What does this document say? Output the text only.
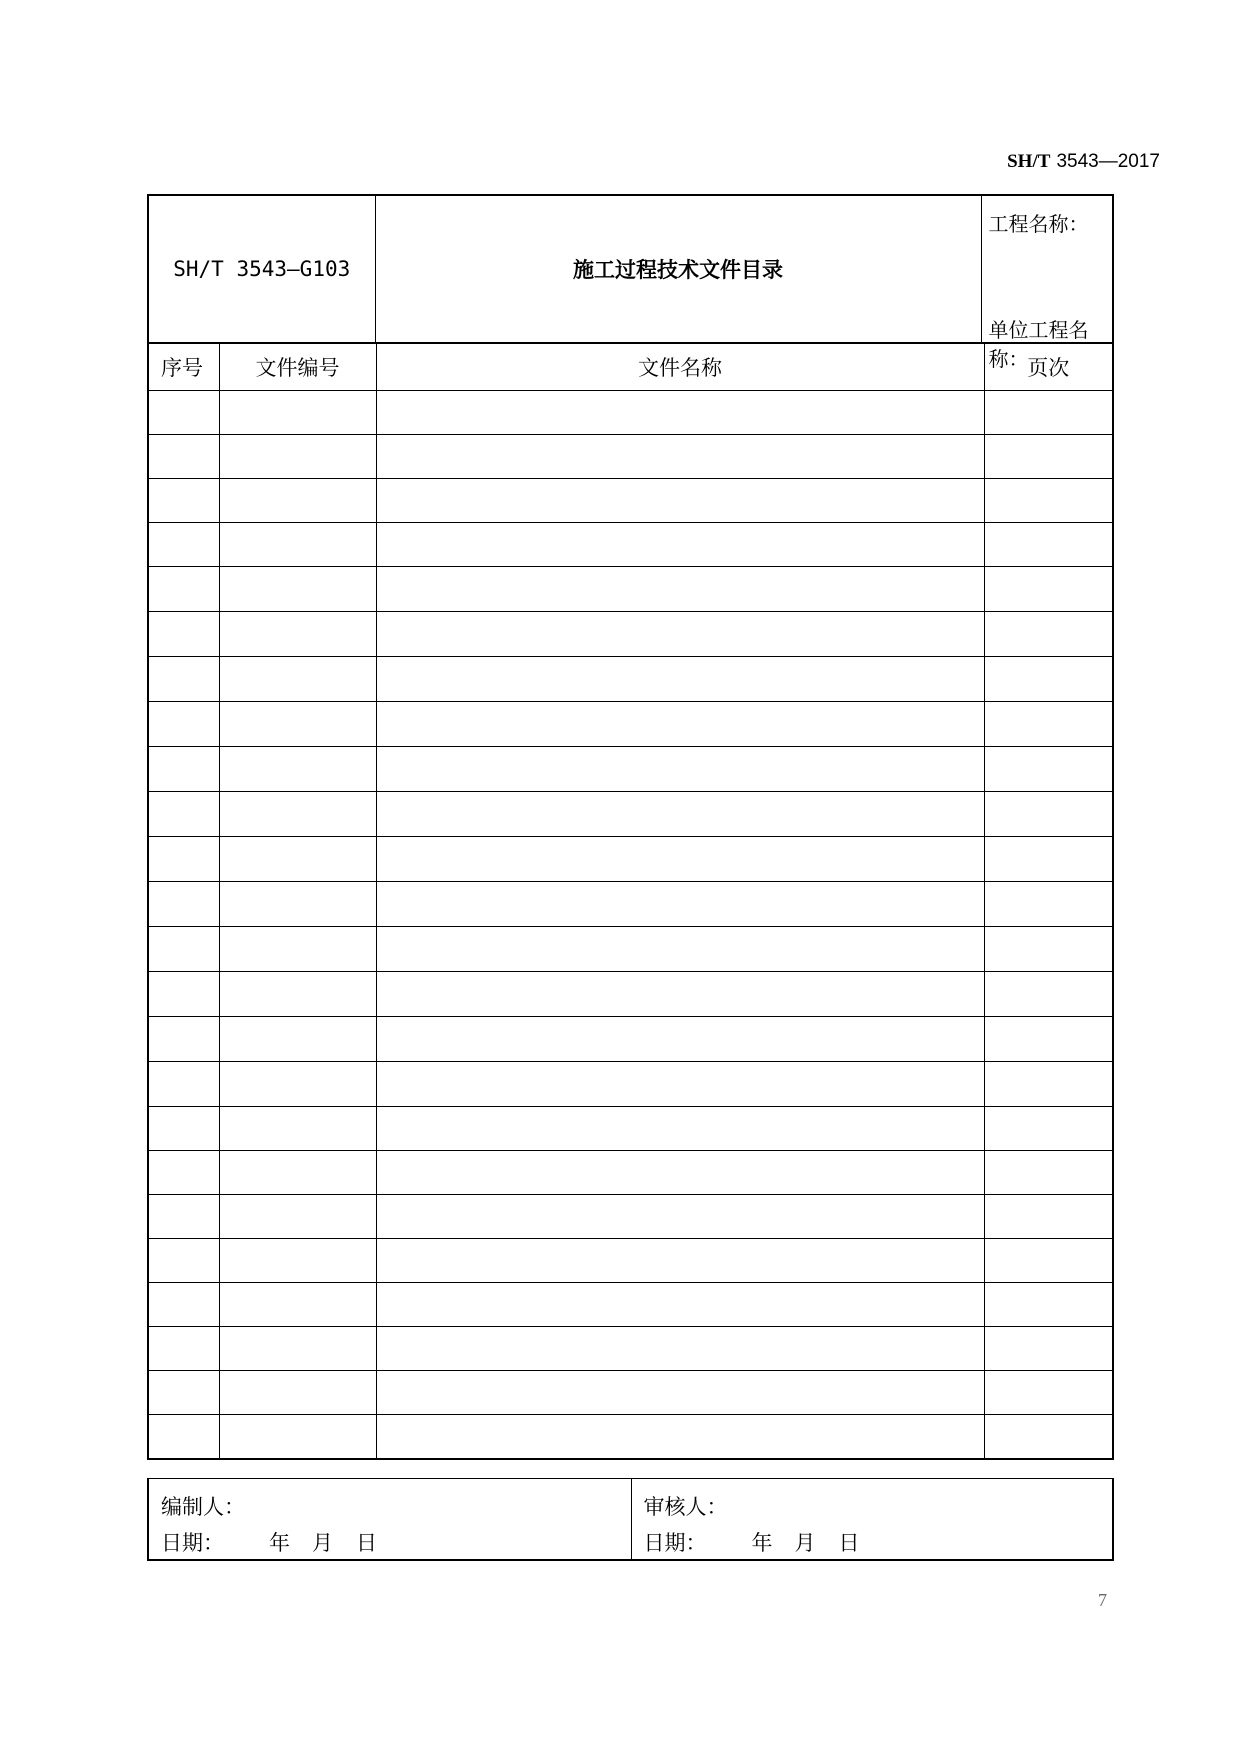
SH/T 3543—2017
SH/T 3543—G103	施工过程技术文件目录	
工程名称：
单位工程名称：
序号	文件编号	文件名称	页次

编制人：
日期： 年 月 日

审核人：
日期： 年 月 日
7
